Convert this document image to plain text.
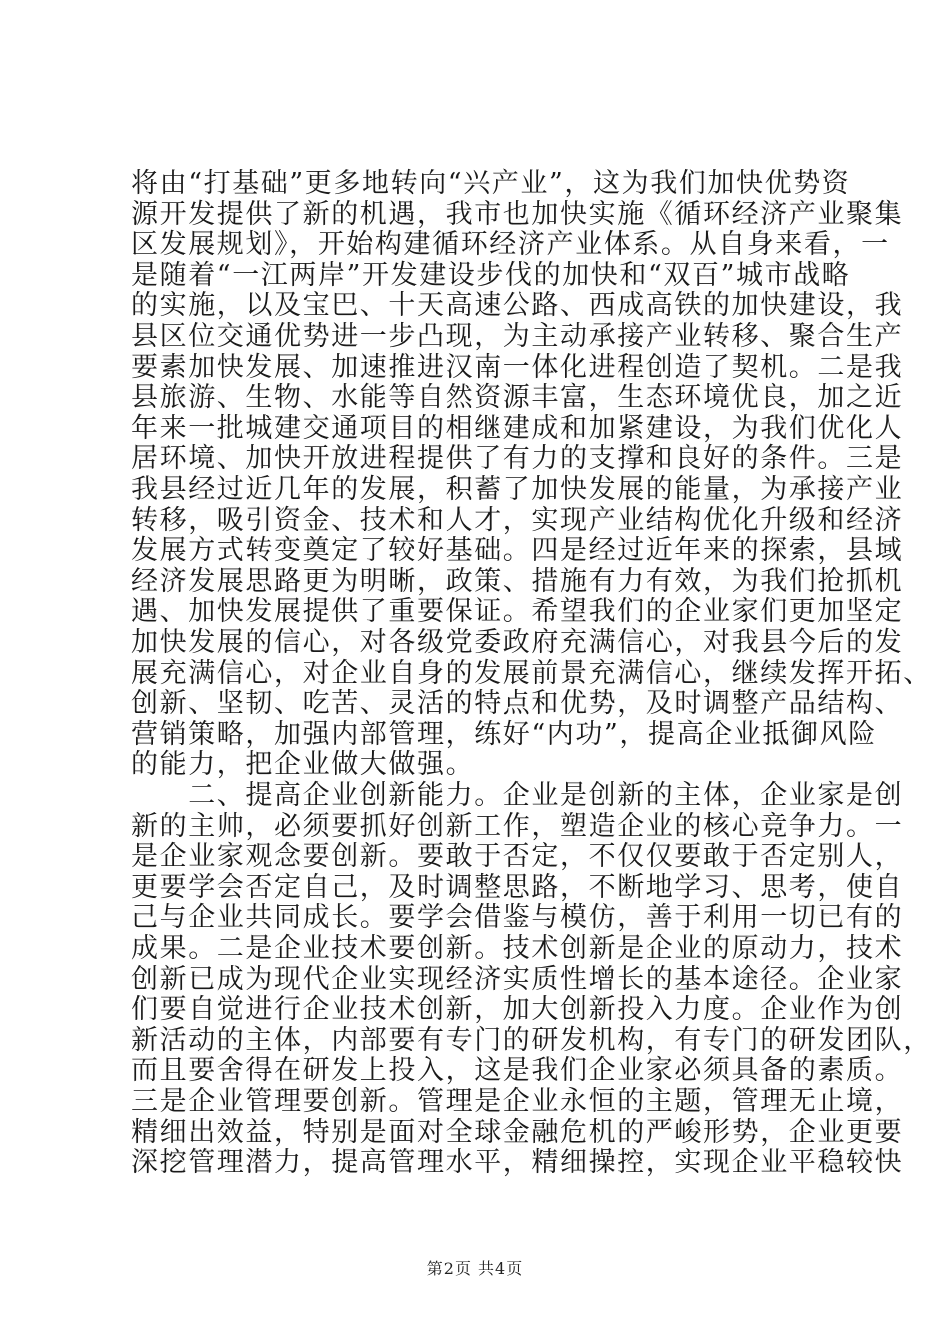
将由“打基础”更多地转向“兴产业”，这为我们加快优势资
源开发提供了新的机遇，我市也加快实施《循环经济产业聚集
区发展规划》，开始构建循环经济产业体系。从自身来看，一
是随着“一江两岸”开发建设步伐的加快和“双百”城市战略
的实施，以及宝巴、十天高速公路、西成高铁的加快建设，我
县区位交通优势进一步凸现，为主动承接产业转移、聚合生产
要素加快发展、加速推进汉南一体化进程创造了契机。二是我
县旅游、生物、水能等自然资源丰富，生态环境优良，加之近
年来一批城建交通项目的相继建成和加紧建设，为我们优化人
居环境、加快开放进程提供了有力的支撑和良好的条件。三是
我县经过近几年的发展，积蓄了加快发展的能量，为承接产业
转移，吸引资金、技术和人才，实现产业结构优化升级和经济
发展方式转变奠定了较好基础。四是经过近年来的探索，县域
经济发展思路更为明晰，政策、措施有力有效，为我们抢抓机
遇、加快发展提供了重要保证。希望我们的企业家们更加坚定
加快发展的信心，对各级党委政府充满信心，对我县今后的发
展充满信心，对企业自身的发展前景充满信心，继续发挥开拓、
创新、坚韧、吃苦、灵活的特点和优势，及时调整产品结构、
营销策略，加强内部管理，练好“内功”，提高企业抵御风险
的能力，把企业做大做强。
　　二、提高企业创新能力。企业是创新的主体，企业家是创
新的主帅，必须要抓好创新工作，塑造企业的核心竞争力。一
是企业家观念要创新。要敢于否定，不仅仅要敢于否定别人，
更要学会否定自己，及时调整思路，不断地学习、思考，使自
己与企业共同成长。要学会借鉴与模仿，善于利用一切已有的
成果。二是企业技术要创新。技术创新是企业的原动力，技术
创新已成为现代企业实现经济实质性增长的基本途径。企业家
们要自觉进行企业技术创新，加大创新投入力度。企业作为创
新活动的主体，内部要有专门的研发机构，有专门的研发团队，
而且要舍得在研发上投入，这是我们企业家必须具备的素质。
三是企业管理要创新。管理是企业永恒的主题，管理无止境，
精细出效益，特别是面对全球金融危机的严峻形势，企业更要
深挖管理潜力，提高管理水平，精细操控，实现企业平稳较快
第2页 共4页
